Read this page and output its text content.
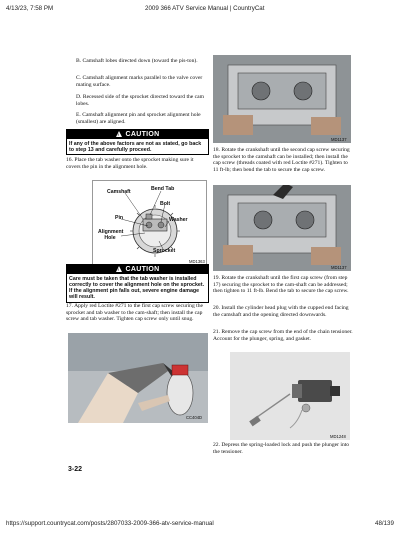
4/13/23, 7:58 PM	2009 366 ATV Service Manual | CountryCat
https://support.countrycat.com/posts/2807033-2009-366-atv-service-manual	48/139
B. Camshaft lobes directed down (toward the pis-ton).
C. Camshaft alignment marks parallel to the valve cover mating surface.
D. Recessed side of the sprocket directed toward the cam lobes.
E. Camshaft alignment pin and sprocket alignment hole (smallest) are aligned.
! CAUTION
If any of the above factors are not as stated, go back to step 13 and carefully proceed.
16. Place the tab washer onto the sprocket making sure it covers the pin in the alignment hole.
Camshaft	Bend Tab
Bolt
Pin	Washer
Alignment Hole
Sprocket
MD1363
! CAUTION
Care must be taken that the tab washer is installed correctly to cover the alignment hole on the sprocket. If the alignment pin falls out, severe engine damage will result.
17. Apply red Loctite #271 to the first cap screw securing the sprocket and tab washer to the cam-shaft; then install the cap screw and tab washer. Tighten cap screw only until snug.
CC404D
3-22
MD1137
18. Rotate the crankshaft until the second cap screw securing the sprocket to the camshaft can be installed; then install the cap screw (threads coated with red Loctite #271). Tighten to 11 ft-lb; then bend the tab to secure the cap screw.
MD1137
19. Rotate the crankshaft until the first cap screw (from step 17) securing the sprocket to the cam-shaft can be addressed; then tighten to 11 ft-lb. Bend the tab to secure the cap screw.
20. Install the cylinder head plug with the cupped end facing the camshaft and the opening directed downwards.
21. Remove the cap screw from the end of the chain tensioner. Account for the plunger, spring, and gasket.
MD1248
22. Depress the spring-loaded lock and push the plunger into the tensioner.
